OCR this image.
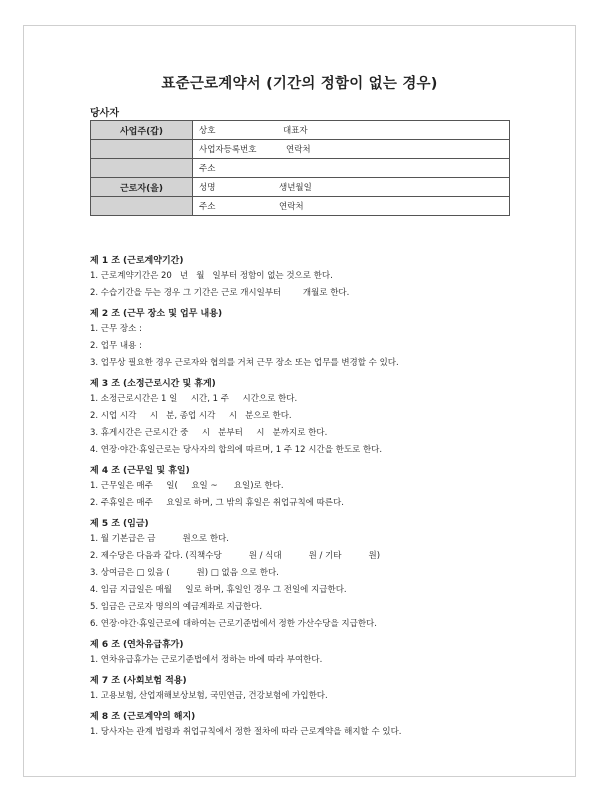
표준근로계약서 (기간의 정함이 없는 경우)
당사자
사업주(갑)	상호 대표자
	사업자등록번호 연락처
	주소
근로자(을)	성명 생년월일
	주소 연락처
제 1 조 (근로계약기간)
1. 근로계약기간은 20   년   월   일부터 정함이 없는 것으로 한다.
2. 수습기간을 두는 경우 그 기간은 근로 개시일부터        개월로 한다.
제 2 조 (근무 장소 및 업무 내용)
1. 근무 장소 :
2. 업무 내용 :
3. 업무상 필요한 경우 근로자와 협의를 거쳐 근무 장소 또는 업무를 변경할 수 있다.
제 3 조 (소정근로시간 및 휴게)
1. 소정근로시간은 1 일     시간, 1 주     시간으로 한다.
2. 시업 시각     시   분, 종업 시각     시   분으로 한다.
3. 휴게시간은 근로시간 중     시   분부터     시   분까지로 한다.
4. 연장·야간·휴일근로는 당사자의 합의에 따르며, 1 주 12 시간을 한도로 한다.
제 4 조 (근무일 및 휴일)
1. 근무일은 매주     일(     요일 ~      요일)로 한다.
2. 주휴일은 매주     요일로 하며, 그 밖의 휴일은 취업규칙에 따른다.
제 5 조 (임금)
1. 월 기본급은 금          원으로 한다.
2. 제수당은 다음과 같다. (직책수당          원 / 식대          원 / 기타          원)
3. 상여금은 □ 있음 (          원) □ 없음 으로 한다.
4. 임금 지급일은 매월     일로 하며, 휴일인 경우 그 전일에 지급한다.
5. 임금은 근로자 명의의 예금계좌로 지급한다.
6. 연장·야간·휴일근로에 대하여는 근로기준법에서 정한 가산수당을 지급한다.
제 6 조 (연차유급휴가)
1. 연차유급휴가는 근로기준법에서 정하는 바에 따라 부여한다.
제 7 조 (사회보험 적용)
1. 고용보험, 산업재해보상보험, 국민연금, 건강보험에 가입한다.
제 8 조 (근로계약의 해지)
1. 당사자는 관계 법령과 취업규칙에서 정한 절차에 따라 근로계약을 해지할 수 있다.
